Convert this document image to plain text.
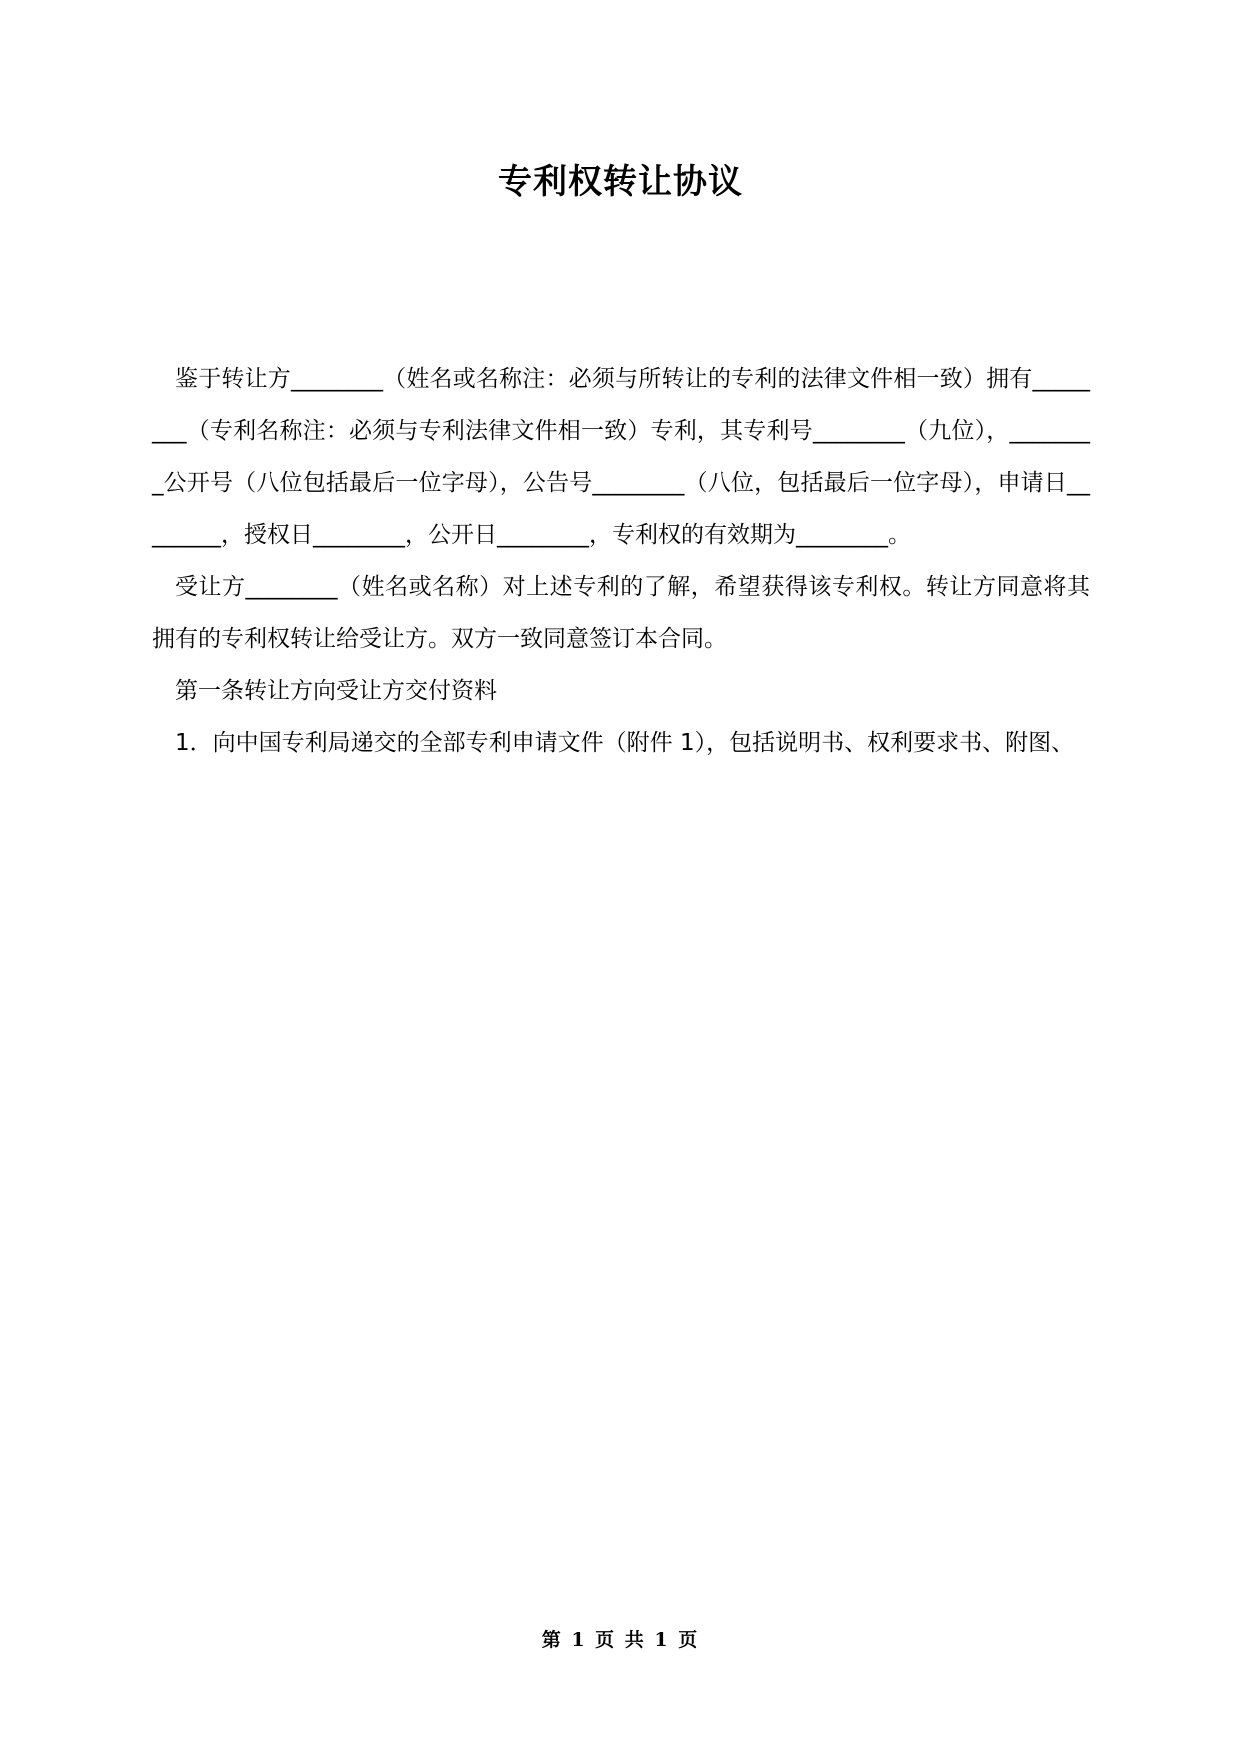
专利权转让协议

鉴于转让方________（姓名或名称注：必须与所转让的专利的法律文件相一致）拥有________（专利名称注：必须与专利法律文件相一致）专利，其专利号________（九位），________公开号（八位包括最后一位字母），公告号________（八位，包括最后一位字母），申请日________，授权日________，公开日________，专利权的有效期为________。

受让方________（姓名或名称）对上述专利的了解，希望获得该专利权。转让方同意将其拥有的专利权转让给受让方。双方一致同意签订本合同。

第一条转让方向受让方交付资料

1．向中国专利局递交的全部专利申请文件（附件 1），包括说明书、权利要求书、附图、

第 1 页 共 1 页
